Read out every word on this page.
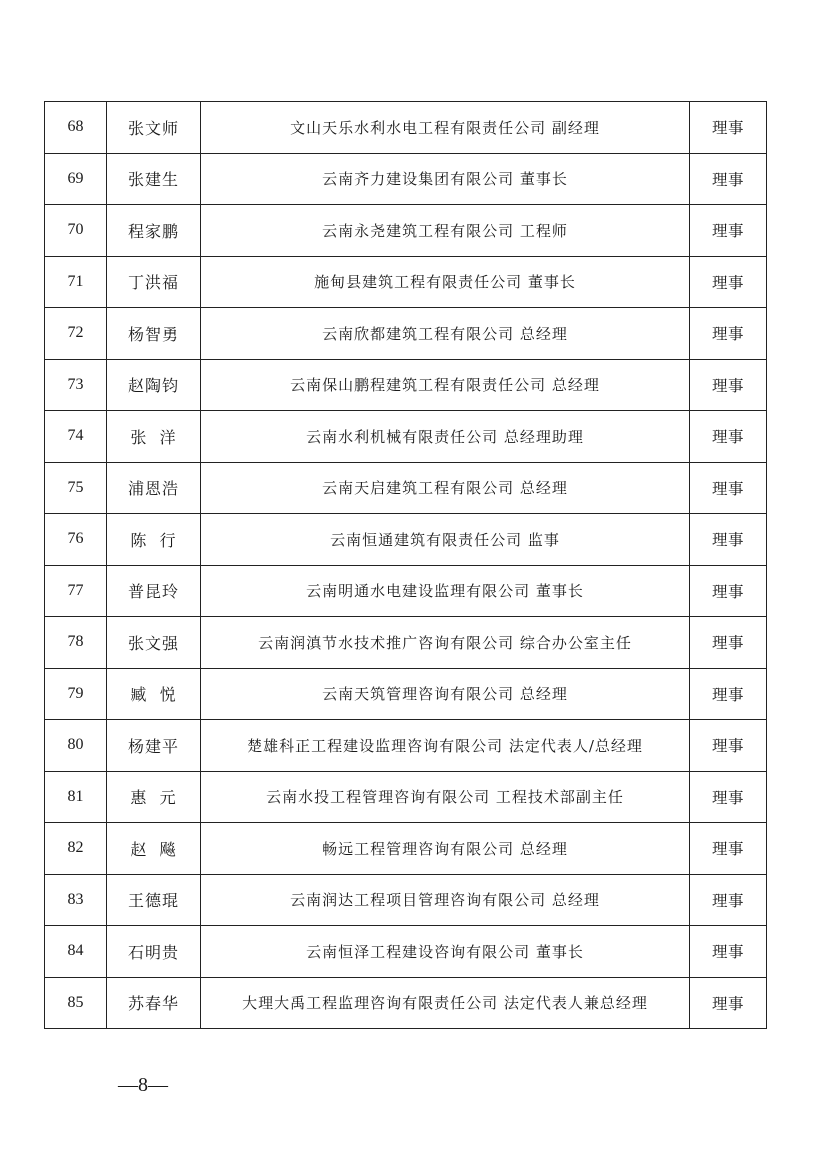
68	张文师	文山天乐水利水电工程有限责任公司 副经理	理事
69	张建生	云南齐力建设集团有限公司 董事长	理事
70	程家鹏	云南永尧建筑工程有限公司 工程师	理事
71	丁洪福	施甸县建筑工程有限责任公司 董事长	理事
72	杨智勇	云南欣都建筑工程有限公司 总经理	理事
73	赵陶钧	云南保山鹏程建筑工程有限责任公司 总经理	理事
74	张  洋	云南水利机械有限责任公司 总经理助理	理事
75	浦恩浩	云南天启建筑工程有限公司 总经理	理事
76	陈  行	云南恒通建筑有限责任公司 监事	理事
77	普昆玲	云南明通水电建设监理有限公司 董事长	理事
78	张文强	云南润滇节水技术推广咨询有限公司 综合办公室主任	理事
79	臧  悦	云南天筑管理咨询有限公司 总经理	理事
80	杨建平	楚雄科正工程建设监理咨询有限公司 法定代表人/总经理	理事
81	惠  元	云南水投工程管理咨询有限公司 工程技术部副主任	理事
82	赵  飚	畅远工程管理咨询有限公司 总经理	理事
83	王德琨	云南润达工程项目管理咨询有限公司 总经理	理事
84	石明贵	云南恒泽工程建设咨询有限公司 董事长	理事
85	苏春华	大理大禹工程监理咨询有限责任公司 法定代表人兼总经理	理事
—8—
